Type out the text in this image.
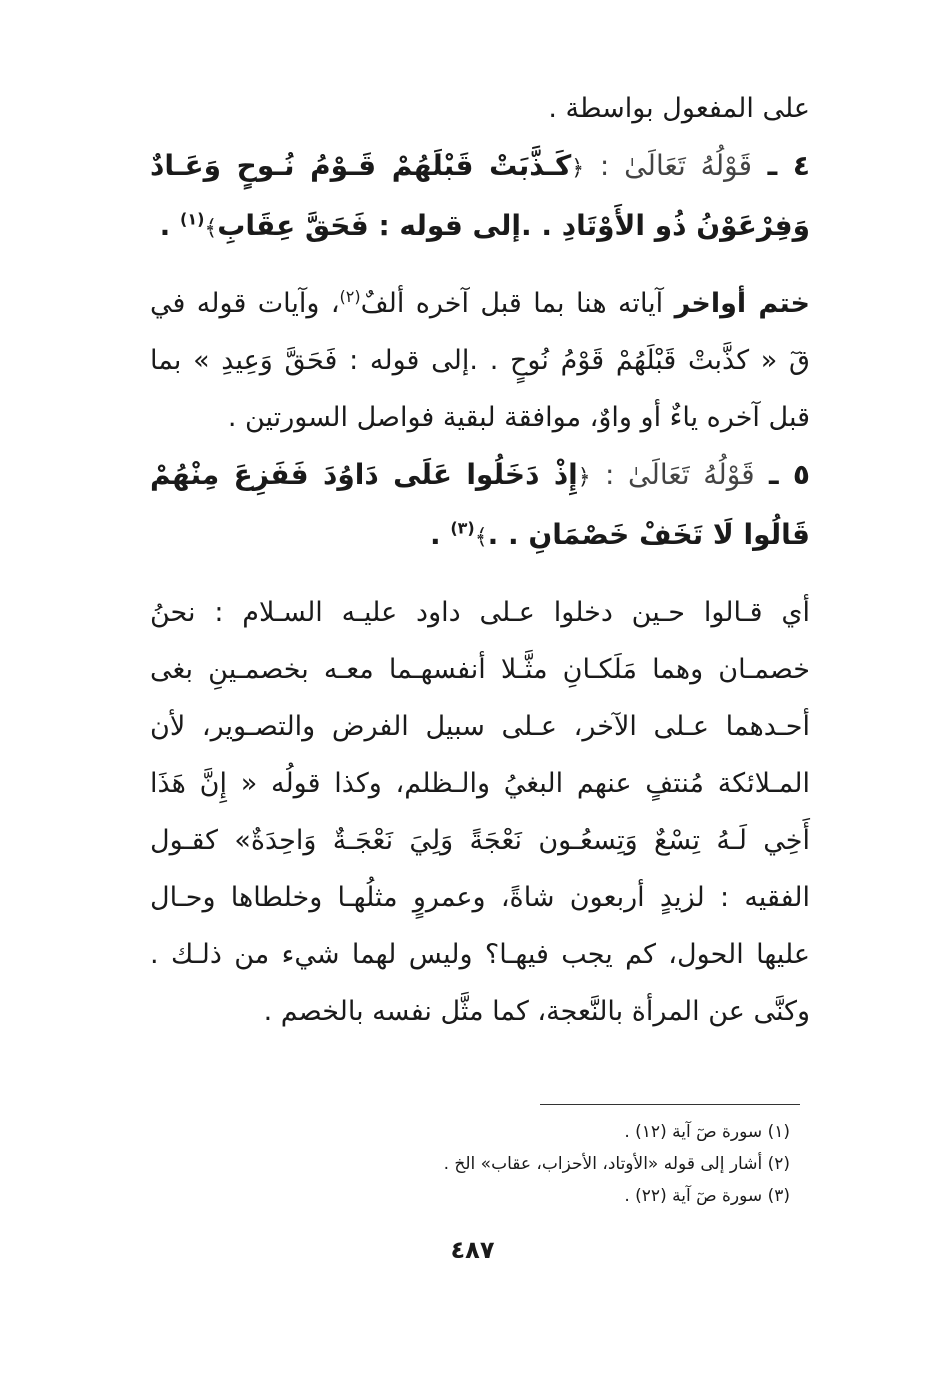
على المفعول بواسطة .

٤ ـ قَوْلُهُ تَعَالَىٰ : ﴿كَـذَّبَتْ قَبْلَهُمْ قَـوْمُ نُـوحٍ وَعَـادٌ وَفِرْعَوْنُ ذُو الأَوْتَادِ . .إلى قوله : فَحَقَّ عِقَابِ﴾$^{(١)}$ .

ختم أواخر آياته هنا بما قبل آخره ألفٌ$^{(٢)}$، وآيات قوله في قٓ « كذَّبتْ قَبْلَهُمْ قَوْمُ نُوحٍ . .إلى قوله : فَحَقَّ وَعِيدِ » بما قبل آخره ياءٌ أو واوٌ، موافقة لبقية فواصل السورتين .

٥ ـ قَوْلُهُ تَعَالَىٰ : ﴿إِذْ دَخَلُوا عَلَى دَاوُدَ فَفَزِعَ مِنْهُمْ قَالُوا لَا تَخَفْ خَصْمَانِ . .﴾$^{(٣)}$ .

أي قـالوا حـين دخلوا عـلى داود عليـه السـلام : نحنُ خصمـان وهما مَلَكـانِ مثَّـلا أنفسهـما معـه بخصمـينِ بغى أحـدهما عـلى الآخر، عـلى سبيل الفرض والتصـوير، لأن المـلائكة مُنتفٍ عنهم البغيُ والـظلم، وكذا قولُه « إِنَّ هَذَا أَخِي لَـهُ تِسْعٌ وَتِسعُـون نَعْجَةً وَلِيَ نَعْجَـةٌ وَاحِدَةٌ» كقـول الفقيه : لزيدٍ أربعون شاةً، وعمروٍ مثلُهـا وخلطاها وحـال عليها الحول، كم يجب فيهـا؟ وليس لهما شيء من ذلـك . وكنَّى عن المرأة بالنَّعجة، كما مثَّل نفسه بالخصم .

(١) سورة صٓ آية (١٢) .
(٢) أشار إلى قوله «الأوتاد، الأحزاب، عقاب» الخ .
(٣) سورة صٓ آية (٢٢) .
٤٨٧
